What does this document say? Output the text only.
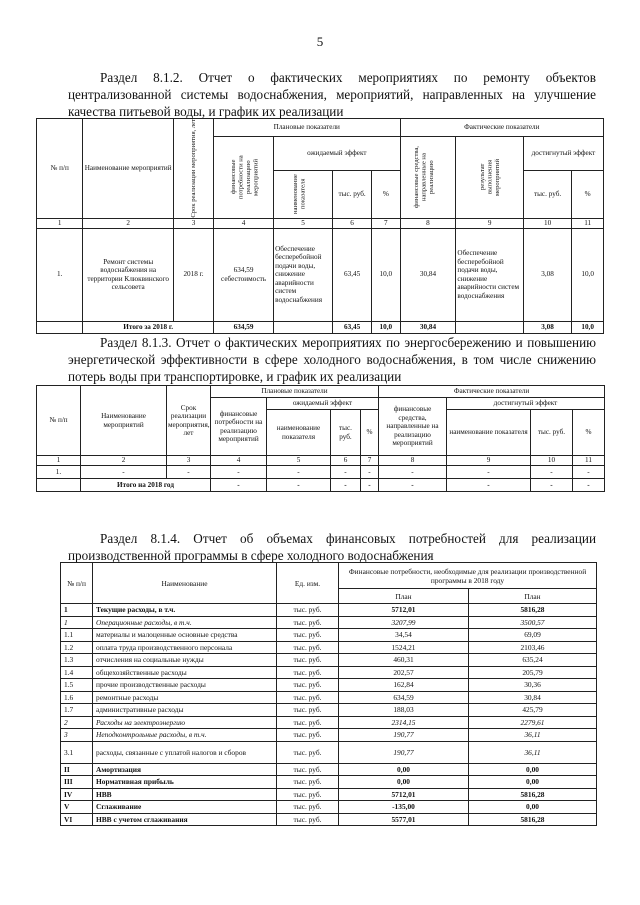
5
Раздел 8.1.2. Отчет о фактических мероприятиях по ремонту объектов централизованной системы водоснабжения, мероприятий, направленных на улучшение качества питьевой воды, и график их реализации
№ п/п	Наименование мероприятий	Срок реализации мероприятия, лет	Плановые показатели				Фактические показатели			

			финансовые потребности на реализацию мероприятий	ожидаемый эффект			финансовые средства, направленные на реализацию	результат выполнения мероприятий	достигнутый эффект	

				наименование показателя	тыс. руб.	%			тыс. руб.	%
1	2	3	4	5	6	7	8	9	10	11
1.	Ремонт системы водоснабжения на территории Клюквинского сельсовета	2018 г.	634,59 себестоимость	Обеспечение бесперебойной подачи воды, снижение аварийности систем водоснабжения	63,45	10,0	30,84	Обеспечение бесперебойной подачи воды, снижение аварийности систем водоснабжения	3,08	10,0
	Итого за 2018 г.		634,59		63,45	10,0	30,84		3,08	10,0
Раздел 8.1.3. Отчет о фактических мероприятиях по энергосбережению и повышению энергетической эффективности в сфере холодного водоснабжения, в том числе снижению потерь воды при транспортировке, и график их реализации
№ п/п	Наименование мероприятий	Срок реализации мероприятия, лет	Плановые показатели				Фактические показатели			
			финансовые потребности на реализацию мероприятий	ожидаемый эффект			финансовые средства, направленные на реализацию мероприятий	достигнутый эффект		
				наименование показателя	тыс. руб.	%		наименование показателя	тыс. руб.	%
1	2	3	4	5	6	7	8	9	10	11
1.	-	-	-	-	-	-	-	-	-	-
	Итого на 2018 год		-	-	-	-	-	-	-	-
Раздел 8.1.4. Отчет об объемах финансовых потребностей для реализации производственной программы в сфере холодного водоснабжения
№ п/п	Наименование	Ед. изм.	Финансовые потребности, необходимые для реализации производственной программы в 2018 году	
			План	План
1	Текущие расходы, в т.ч.	тыс. руб.	5712,01	5816,28
1	Операционные расходы, в т.ч.	тыс. руб.	3207,99	3500,57
1.1	материалы и малоценные основные средства	тыс. руб.	34,54	69,09
1.2	оплата труда производственного персонала	тыс. руб.	1524,21	2103,46
1.3	отчисления на социальные нужды	тыс. руб.	460,31	635,24
1.4	общехозяйственные расходы	тыс. руб.	202,57	205,79
1.5	прочие производственные расходы	тыс. руб.	162,84	30,36
1.6	ремонтные расходы	тыс. руб.	634,59	30,84
1.7	административные расходы	тыс. руб.	188,03	425,79
2	Расходы на электроэнергию	тыс. руб.	2314,15	2279,61
3	Неподконтрольные расходы, в т.ч.	тыс. руб.	190,77	36,11
3.1	расходы, связанные с уплатой налогов и сборов	тыс. руб.	190,77	36,11
II	Амортизация	тыс. руб.	0,00	0,00
III	Нормативная прибыль	тыс. руб.	0,00	0,00
IV	НВВ	тыс. руб.	5712,01	5816,28
V	Сглаживание	тыс. руб.	-135,00	0,00
VI	НВВ с учетом сглаживания	тыс. руб.	5577,01	5816,28
